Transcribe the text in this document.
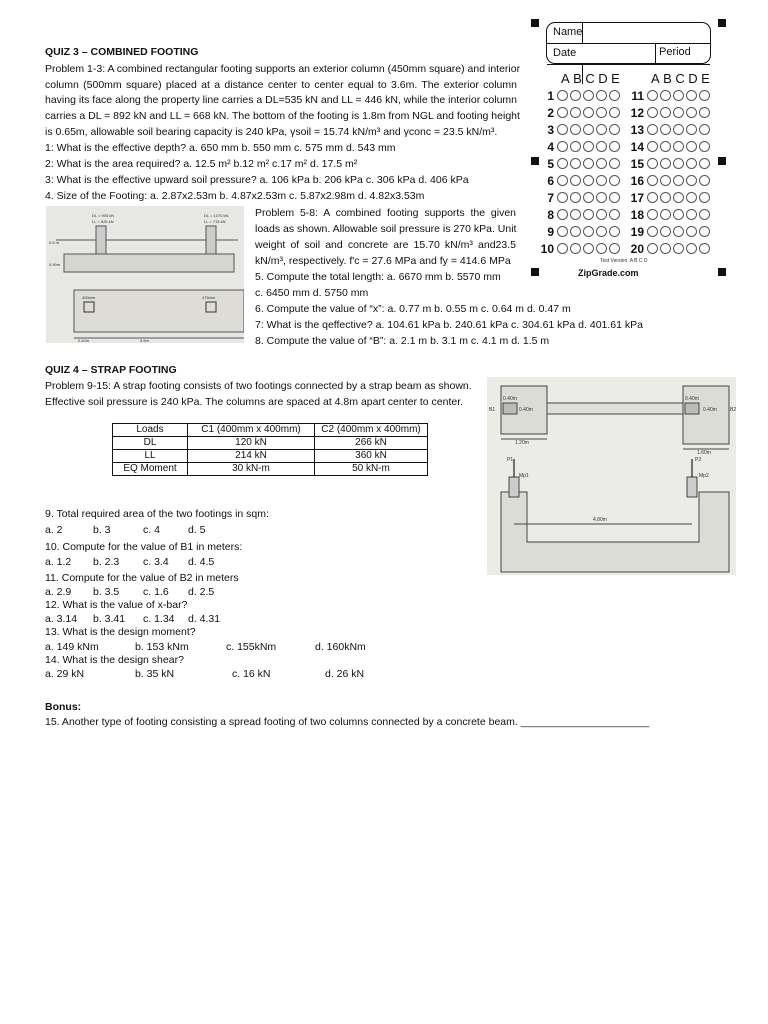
QUIZ 3 – COMBINED FOOTING
Problem 1-3: A combined rectangular footing supports an exterior column (450mm square) and interior
column (500mm square) placed at a distance center to center equal to 3.6m. The exterior column
having its face along the property line carries a DL=535 kN and LL = 446 kN, while the interior column
carries a DL = 892 kN and LL = 668 kN. The bottom of the footing is 1.8m from NGL and footing height
is 0.65m, allowable soil bearing capacity is 240 kPa, γsoil = 15.74 kN/m³ and γconc = 23.5 kN/m³.
1: What is the effective depth? a. 650 mm b. 550 mm c. 575 mm d. 543 mm
2: What is the area required? a. 12.5 m² b.12 m² c.17 m² d. 17.5 m²
3: What is the effective upward soil pressure? a. 106 kPa b. 206 kPa c. 306 kPa d. 406 kPa
4. Size of the Footing: a. 2.87x2.53m b. 4.87x2.53m c. 5.87x2.98m d. 4.82x3.53m
DL = 900 kN
LL = 625 kN
DL = 1070 kN
LL = 715 kN
0.6 m
0.90m
400mm	475mm
0.40m	5.5m
Problem 5-8: A combined footing supports the given
loads as shown. Allowable soil pressure is 270 kPa. Unit
weight of soil and concrete are 15.70 kN/m³ and23.5
kN/m³, respectively. f'c = 27.6 MPa and fy = 414.6 MPa
5. Compute the total length: a. 6670 mm b. 5570 mm
c. 6450 mm d. 5750 mm
6. Compute the value of “x”: a. 0.77 m b. 0.55 m c. 0.64 m d. 0.47 m
7: What is the qeffective? a. 104.61 kPa b. 240.61 kPa c. 304.61 kPa d. 401.61 kPa
8. Compute the value of “B”: a. 2.1 m b. 3.1 m c. 4.1 m d. 1.5 m
Name
Date	Period
ABCDE ABCDE
1
2
3
4
5
6
7
8
9
10
11
12
13
14
15
16
17
18
19
20
Test Version: A B C D
ZipGrade.com
QUIZ 4 – STRAP FOOTING
Problem 9-15: A strap footing consists of two footings connected by a strap beam as shown.
Effective soil pressure is 240 kPa. The columns are spaced at 4.8m apart center to center.
Loads	C1 (400mm x 400mm)	C2 (400mm x 400mm)
DL	120 kN	266 kN
LL	214 kN	360 kN
EQ Moment	30 kN-m	50 kN-m
0.40m
0.40m
0.40m
0.40m
B1	B2
1.20m
1.60m
P1	P2
Mp1	Mp2
4.80m
9. Total required area of the two footings in sqm:
a. 2	b. 3	c. 4	d. 5
10. Compute for the value of B1 in meters:
a. 1.2 b. 2.3 c. 3.4 d. 4.5
11. Compute for the value of B2 in meters
a. 2.9 b. 3.5 c. 1.6 d. 2.5
12. What is the value of x-bar?
a. 3.14 b. 3.41 c. 1.34 d. 4.31
13. What is the design moment?
a. 149 kNm	b. 153 kNm	c. 155kNm	d. 160kNm
14. What is the design shear?
a. 29 kN	b. 35 kN	c. 16 kN	d. 26 kN
Bonus:
15. Another type of footing consisting a spread footing of two columns connected by a concrete beam. ______________________
